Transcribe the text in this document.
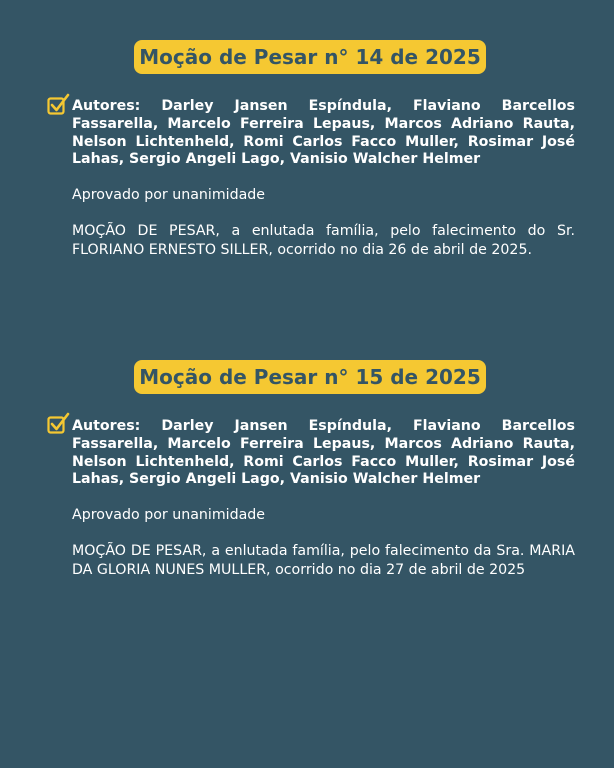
Moção de Pesar n° 14 de 2025
Autores: Darley Jansen Espíndula, Flaviano Barcellos Fassarella, Marcelo Ferreira Lepaus, Marcos Adriano Rauta, Nelson Lichtenheld, Romi Carlos Facco Muller, Rosimar José Lahas, Sergio Angeli Lago, Vanisio Walcher Helmer
Aprovado por unanimidade
MOÇÃO DE PESAR, a enlutada família, pelo falecimento do Sr. FLORIANO ERNESTO SILLER, ocorrido no dia 26 de abril de 2025.
Moção de Pesar n° 15 de 2025
Autores: Darley Jansen Espíndula, Flaviano Barcellos Fassarella, Marcelo Ferreira Lepaus, Marcos Adriano Rauta, Nelson Lichtenheld, Romi Carlos Facco Muller, Rosimar José Lahas, Sergio Angeli Lago, Vanisio Walcher Helmer
Aprovado por unanimidade
MOÇÃO DE PESAR, a enlutada família, pelo falecimento da Sra. MARIA DA GLORIA NUNES MULLER, ocorrido no dia 27 de abril de 2025
